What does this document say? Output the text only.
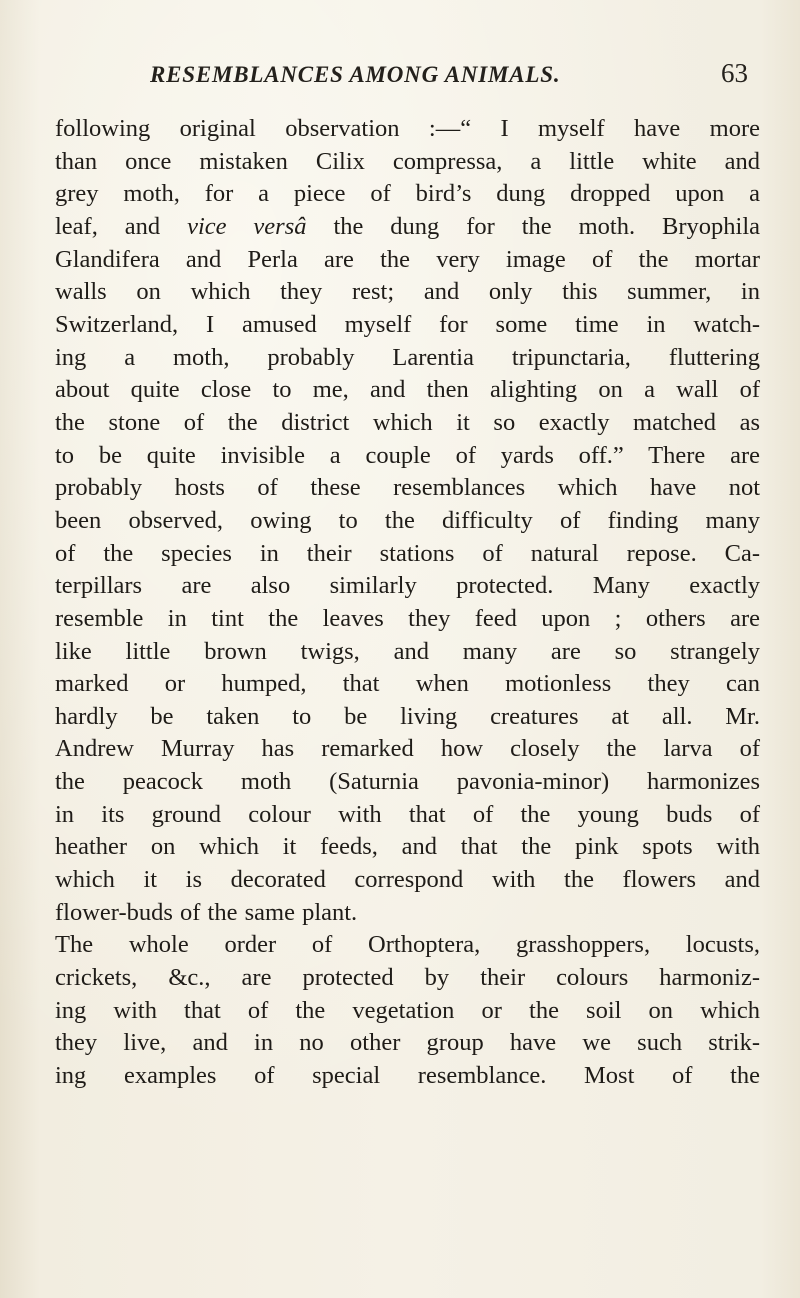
RESEMBLANCES AMONG ANIMALS.	63
following original observation :—“ I myself have more
than once mistaken Cilix compressa, a little white and
grey moth, for a piece of bird’s dung dropped upon a
leaf, and vice versâ the dung for the moth. Bryophila
Glandifera and Perla are the very image of the mortar
walls on which they rest; and only this summer, in
Switzerland, I amused myself for some time in watch-
ing a moth, probably Larentia tripunctaria, fluttering
about quite close to me, and then alighting on a wall of
the stone of the district which it so exactly matched as
to be quite invisible a couple of yards off.” There are
probably hosts of these resemblances which have not
been observed, owing to the difficulty of finding many
of the species in their stations of natural repose. Ca-
terpillars are also similarly protected. Many exactly
resemble in tint the leaves they feed upon ; others are
like little brown twigs, and many are so strangely
marked or humped, that when motionless they can
hardly be taken to be living creatures at all. Mr.
Andrew Murray has remarked how closely the larva of
the peacock moth (Saturnia pavonia-minor) harmonizes
in its ground colour with that of the young buds of
heather on which it feeds, and that the pink spots with
which it is decorated correspond with the flowers and
flower-buds of the same plant.
The whole order of Orthoptera, grasshoppers, locusts,
crickets, &c., are protected by their colours harmoniz-
ing with that of the vegetation or the soil on which
they live, and in no other group have we such strik-
ing examples of special resemblance. Most of the
